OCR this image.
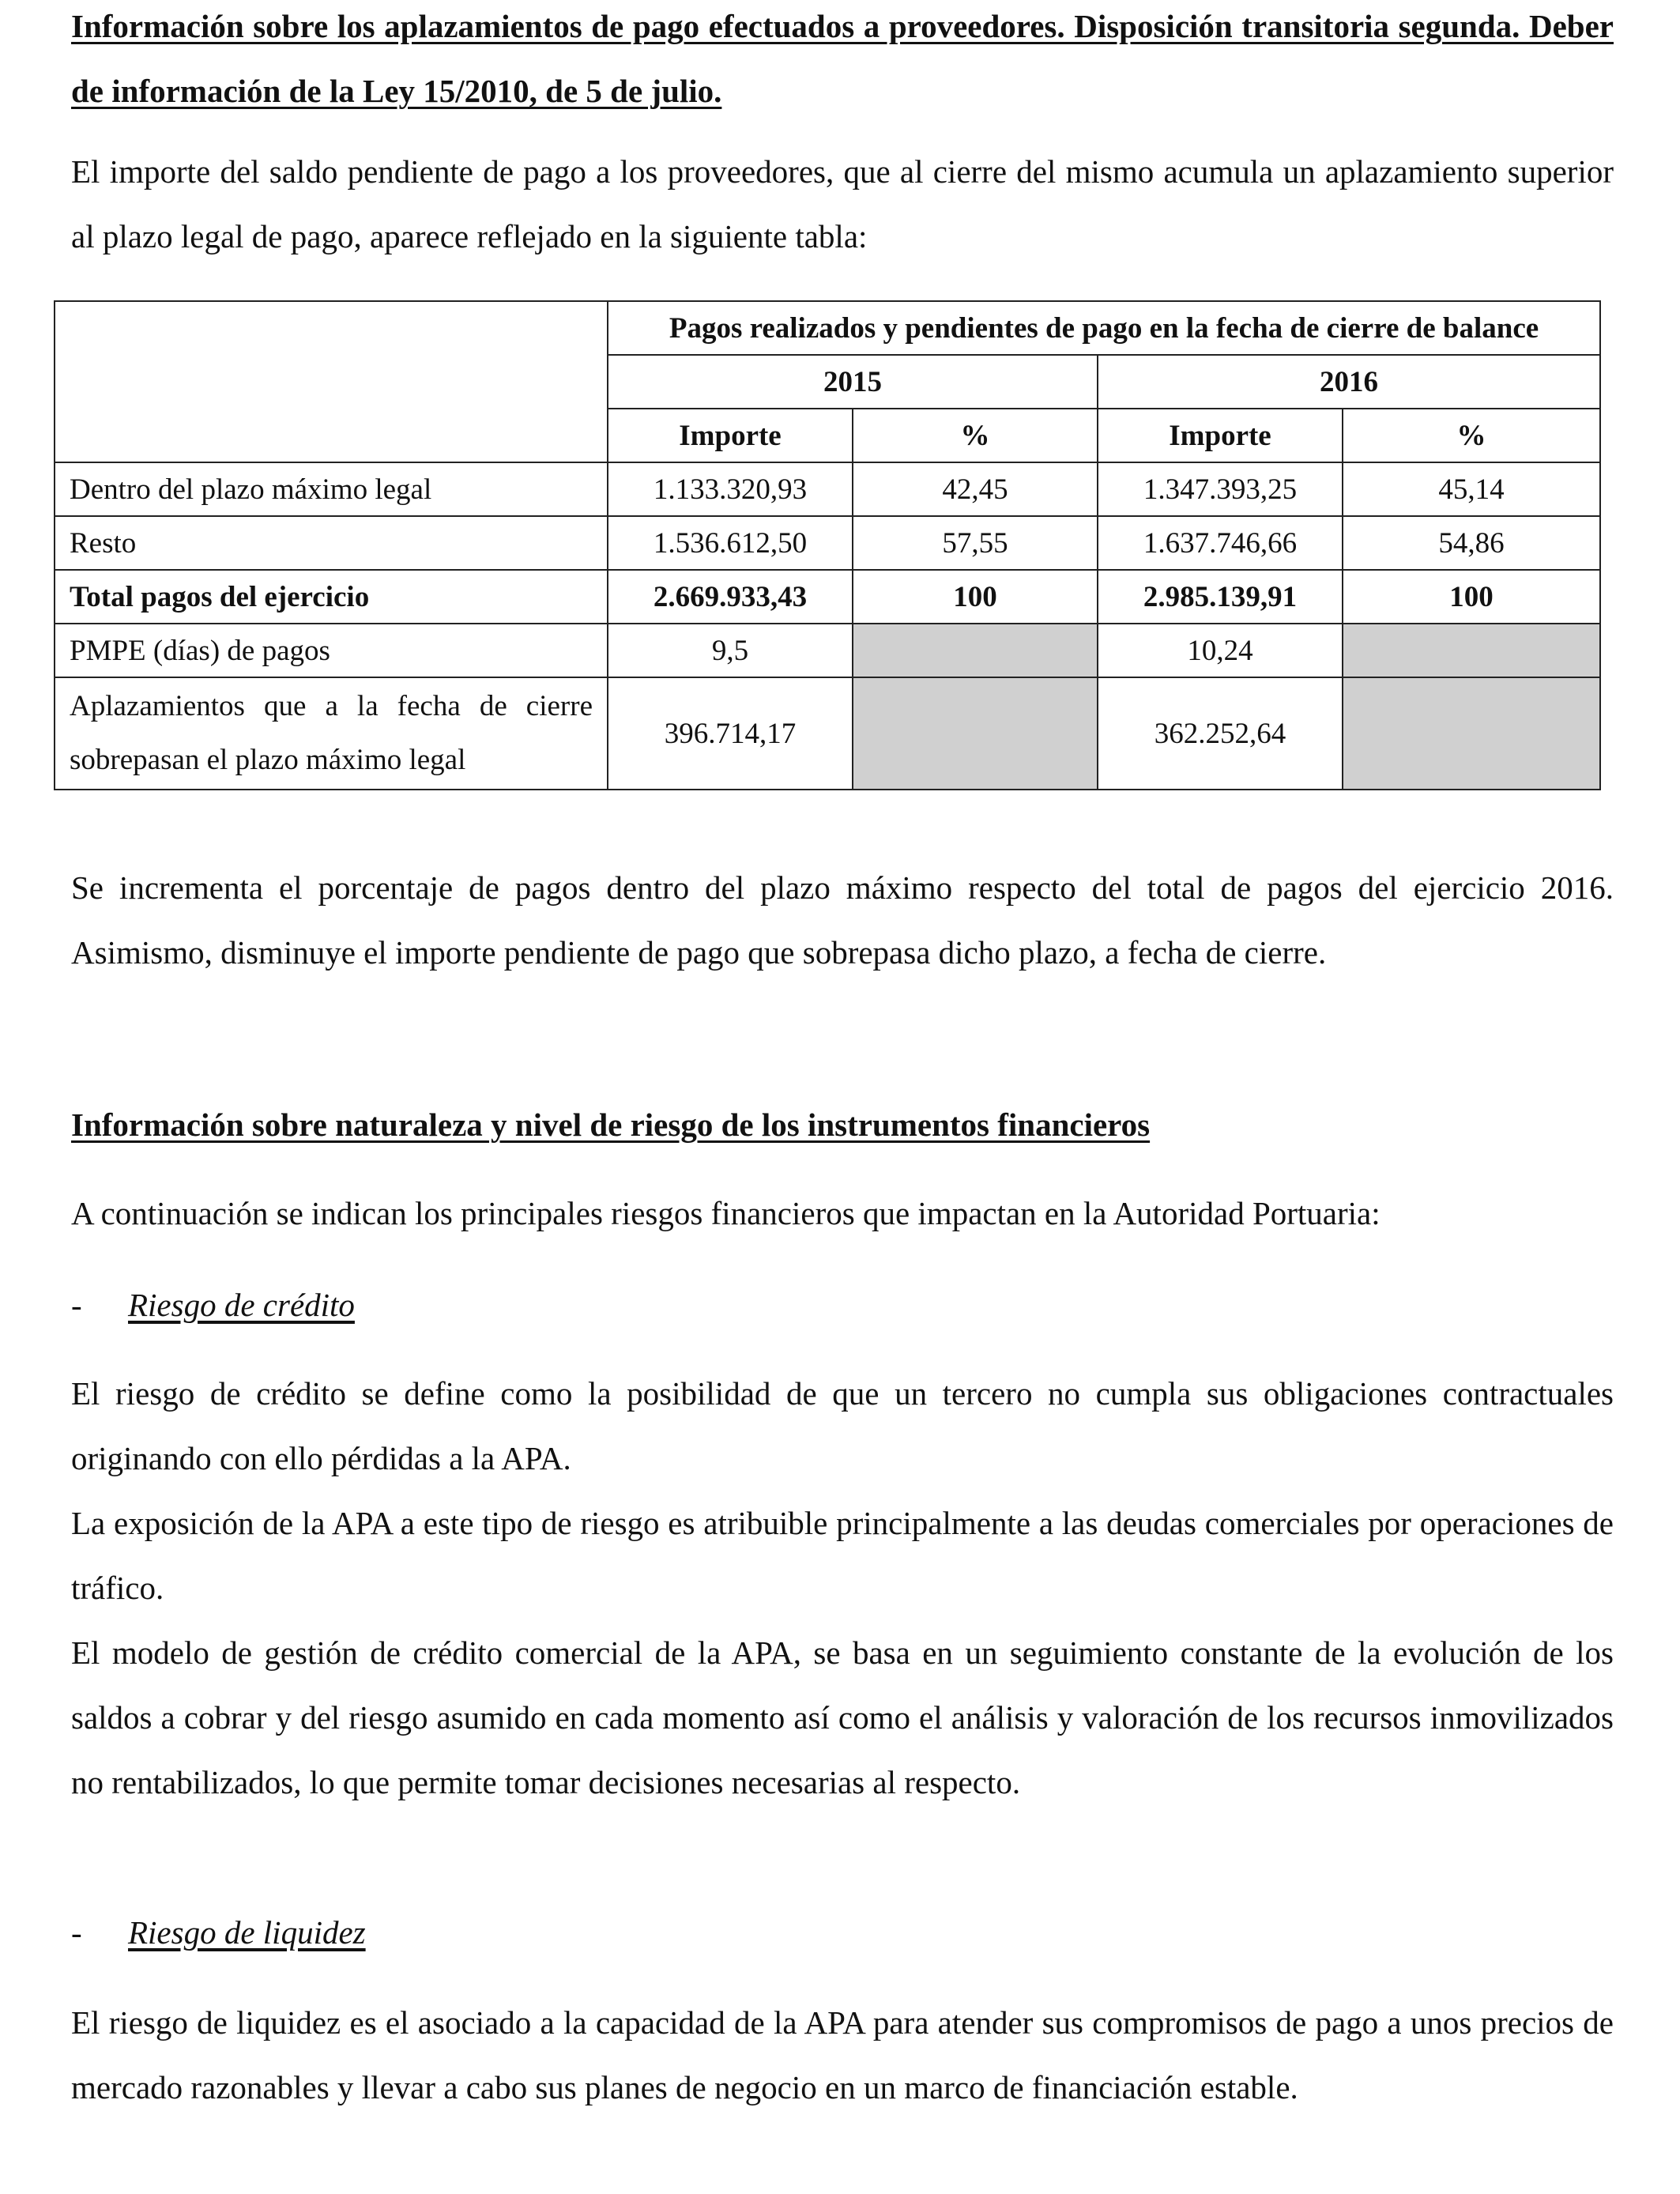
Información sobre los aplazamientos de pago efectuados a proveedores. Disposición transitoria segunda. Deber de información de la Ley 15/2010, de 5 de julio.

El importe del saldo pendiente de pago a los proveedores, que al cierre del mismo acumula un aplazamiento superior al plazo legal de pago, aparece reflejado en la siguiente tabla:

	Pagos realizados y pendientes de pago en la fecha de cierre de balance			
	2015		2016	
	Importe	%	Importe	%
Dentro del plazo máximo legal	1.133.320,93	42,45	1.347.393,25	45,14
Resto	1.536.612,50	57,55	1.637.746,66	54,86
Total pagos del ejercicio	2.669.933,43	100	2.985.139,91	100
PMPE (días) de pagos	9,5		10,24	
Aplazamientos que a la fecha de cierre sobrepasan el plazo máximo legal	396.714,17		362.252,64	

Se incrementa el porcentaje de pagos dentro del plazo máximo respecto del total de pagos del ejercicio 2016. Asimismo, disminuye el importe pendiente de pago que sobrepasa dicho plazo, a fecha de cierre.

Información sobre naturaleza y nivel de riesgo de los instrumentos financieros

A continuación se indican los principales riesgos financieros que impactan en la Autoridad Portuaria:

-	Riesgo de crédito

El riesgo de crédito se define como la posibilidad de que un tercero no cumpla sus obligaciones contractuales originando con ello pérdidas a la APA.

La exposición de la APA a este tipo de riesgo es atribuible principalmente a las deudas comerciales por operaciones de tráfico.

El modelo de gestión de crédito comercial de la APA, se basa en un seguimiento constante de la evolución de los saldos a cobrar y del riesgo asumido en cada momento así como el análisis y valoración de los recursos inmovilizados no rentabilizados, lo que permite tomar decisiones necesarias al respecto.

-	Riesgo de liquidez

El riesgo de liquidez es el asociado a la capacidad de la APA para atender sus compromisos de pago a unos precios de mercado razonables y llevar a cabo sus planes de negocio en un marco de financiación estable.
